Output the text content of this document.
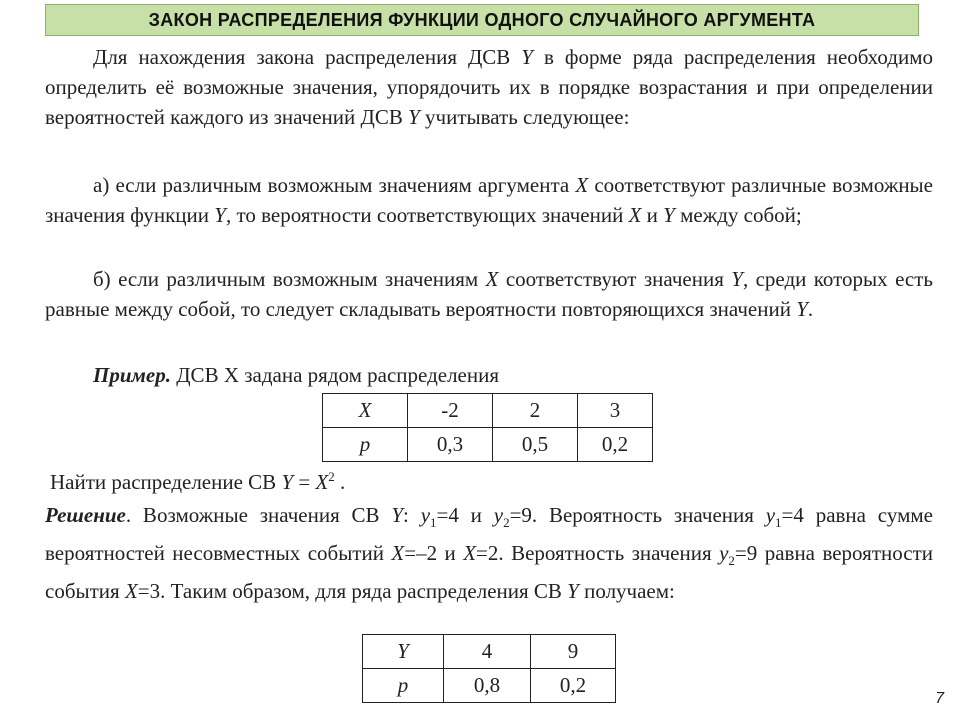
ЗАКОН РАСПРЕДЕЛЕНИЯ ФУНКЦИИ ОДНОГО СЛУЧАЙНОГО АРГУМЕНТА
Для нахождения закона распределения ДСВ Y в форме ряда распределения необходимо определить её возможные значения, упорядочить их в порядке возрастания и при определении вероятностей каждого из значений ДСВ Y учитывать следующее:
а) если различным возможным значениям аргумента X соответствуют различные возможные значения функции Y, то вероятности соответствующих значений X и Y между собой;
б) если различным возможным значениям X соответствуют значения Y, среди которых есть равные между собой, то следует складывать вероятности повторяющихся значений Y.
Пример. ДСВ X задана рядом распределения
X	-2	2	3
p	0,3	0,5	0,2
Найти распределение СВ $Y = X^2$ .
Решение. Возможные значения СВ Y: $y_1=4$ и $y_2=9$. Вероятность значения $y_1=4$ равна сумме вероятностей несовместных событий X=–2 и X=2. Вероятность значения $y_2=9$ равна вероятности события X=3. Таким образом, для ряда распределения СВ Y получаем:
Y	4	9
p	0,8	0,2
7
